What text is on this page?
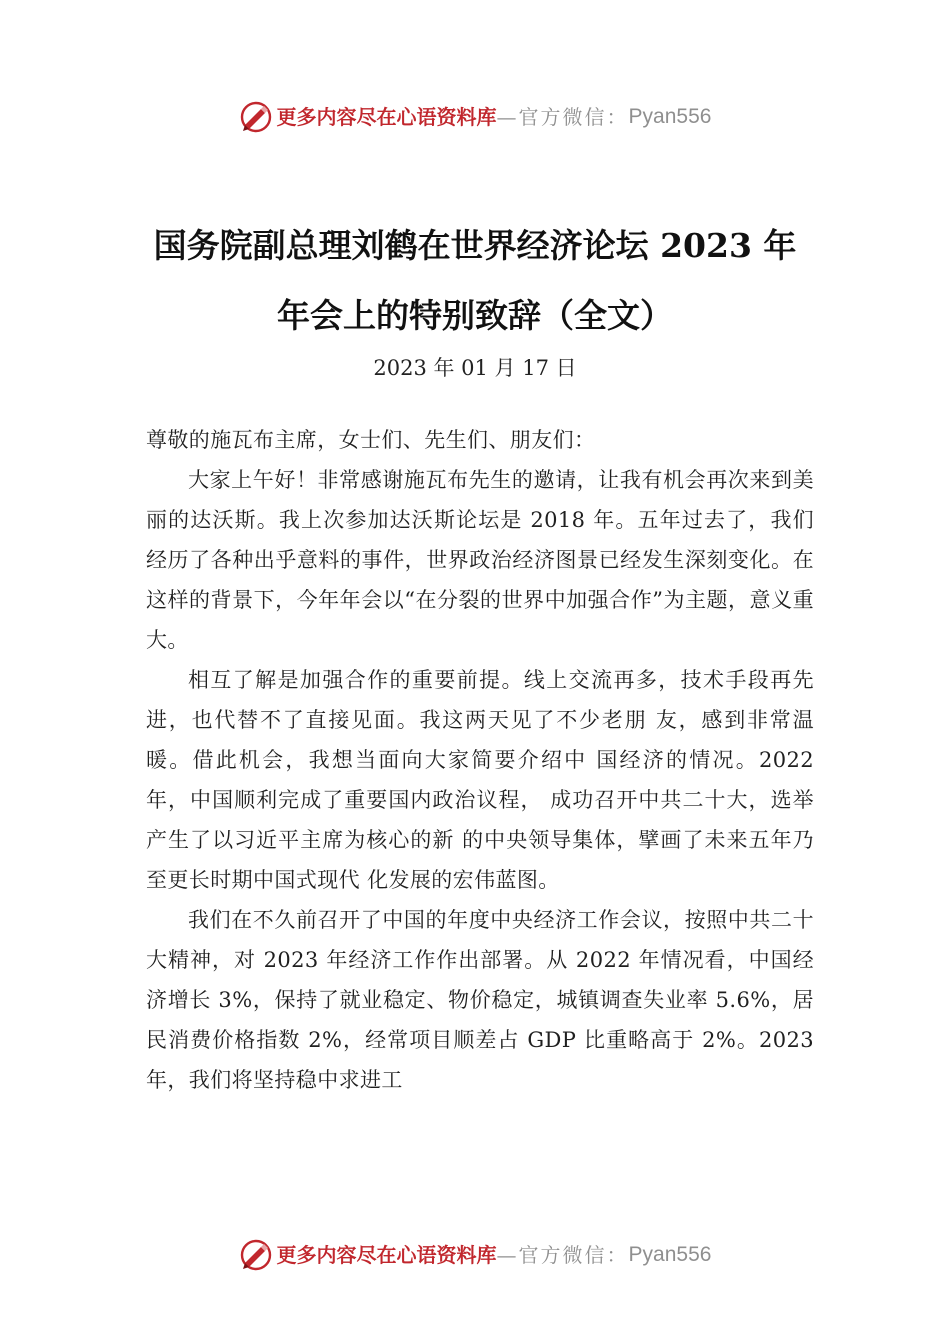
更多内容尽在心语资料库 — 官方微信： Pyan556
国务院副总理刘鹤在世界经济论坛 2023 年
年会上的特别致辞（全文）
2023 年 01 月 17 日

尊敬的施瓦布主席，女士们、先生们、朋友们：

大家上午好！非常感谢施瓦布先生的邀请，让我有机会再次来到美丽的达沃斯。我上次参加达沃斯论坛是 2018 年。五年过去了，我们经历了各种出乎意料的事件，世界政治经济图景已经发生深刻变化。在这样的背景下，今年年会以“在分裂的世界中加强合作”为主题，意义重大。

相互了解是加强合作的重要前提。线上交流再多，技术手段再先进，也代替不了直接见面。我这两天见了不少老朋 友，感到非常温暖。借此机会，我想当面向大家简要介绍中 国经济的情况。2022 年，中国顺利完成了重要国内政治议程， 成功召开中共二十大，选举产生了以习近平主席为核心的新 的中央领导集体，擘画了未来五年乃至更长时期中国式现代 化发展的宏伟蓝图。

我们在不久前召开了中国的年度中央经济工作会议，按照中共二十大精神，对 2023 年经济工作作出部署。从 2022 年情况看，中国经济增长 3%，保持了就业稳定、物价稳定，城镇调查失业率 5.6%，居民消费价格指数 2%，经常项目顺差占 GDP 比重略高于 2%。2023 年，我们将坚持稳中求进工

更多内容尽在心语资料库 — 官方微信： Pyan556
